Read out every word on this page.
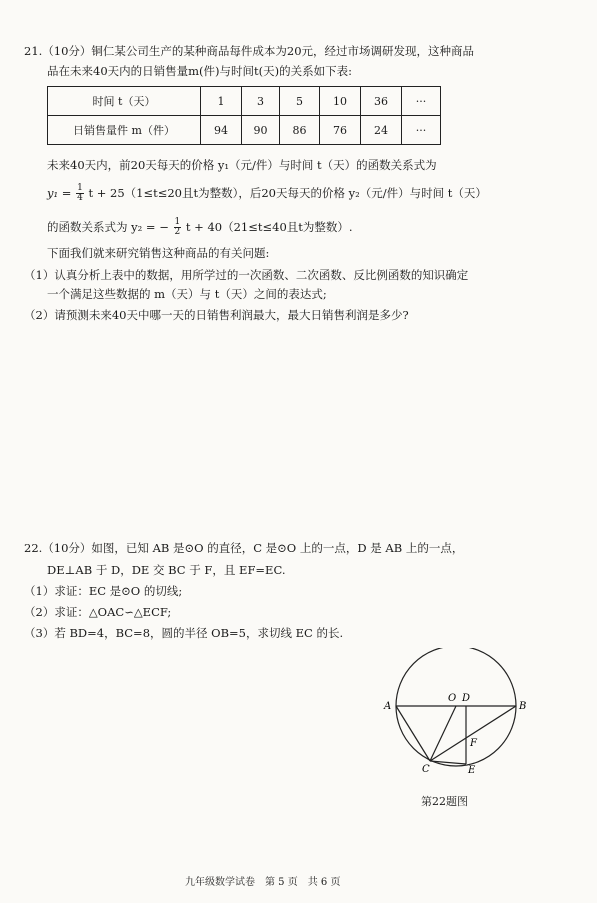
21.（10分）铜仁某公司生产的某种商品每件成本为20元，经过市场调研发现，这种商品
品在未来40天内的日销售量m(件)与时间t(天)的关系如下表:
时间 t（天）	1	3	5	10	36	···
日销售量件 m（件）	94	90	86	76	24	···
未来40天内，前20天每天的价格 y₁（元/件）与时间 t（天）的函数关系式为
$y_1 = \frac{1}{4}$ t + 25（1≤t≤20且t为整数），后20天每天的价格 y₂（元/件）与时间 t（天）
的函数关系式为 y₂ = − $\frac{1}{2}$ t + 40（21≤t≤40且t为整数）.
下面我们就来研究销售这种商品的有关问题:
（1）认真分析上表中的数据，用所学过的一次函数、二次函数、反比例函数的知识确定
一个满足这些数据的 m（天）与 t（天）之间的表达式;
（2）请预测未来40天中哪一天的日销售利润最大，最大日销售利润是多少?
22.（10分）如图，已知 AB 是⊙O 的直径，C 是⊙O 上的一点，D 是 AB 上的一点，
DE⊥AB 于 D，DE 交 BC 于 F，且 EF=EC.
（1）求证：EC 是⊙O 的切线;
（2）求证：△OAC∽△ECF;
（3）若 BD=4，BC=8，圆的半径 OB=5，求切线 EC 的长.
A	B
O D
F
C	E
第22题图
九年级数学试卷　第 5 页　共 6 页
